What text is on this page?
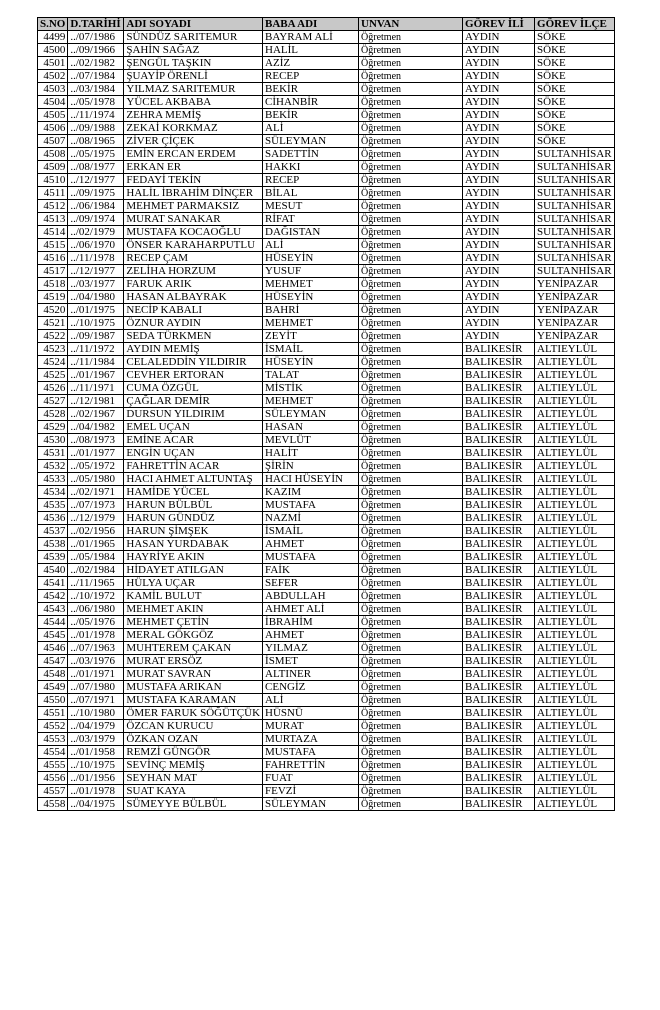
S.NO	D.TARİHİ	ADI SOYADI	BABA ADI	UNVAN	GÖREV İLİ	GÖREV İLÇE
4499	../07/1986	SÜNDÜZ SARITEMUR	BAYRAM ALİ	Öğretmen	AYDIN	SÖKE
4500	../09/1966	ŞAHİN SAĞAZ	HALİL	Öğretmen	AYDIN	SÖKE
4501	../02/1982	ŞENGÜL TAŞKIN	AZİZ	Öğretmen	AYDIN	SÖKE
4502	../07/1984	ŞUAYİP ÖRENLİ	RECEP	Öğretmen	AYDIN	SÖKE
4503	../03/1984	YILMAZ SARITEMUR	BEKİR	Öğretmen	AYDIN	SÖKE
4504	../05/1978	YÜCEL AKBABA	CİHANBİR	Öğretmen	AYDIN	SÖKE
4505	../11/1974	ZEHRA MEMİŞ	BEKİR	Öğretmen	AYDIN	SÖKE
4506	../09/1988	ZEKAİ KORKMAZ	ALİ	Öğretmen	AYDIN	SÖKE
4507	../08/1965	ZİVER ÇİÇEK	SÜLEYMAN	Öğretmen	AYDIN	SÖKE
4508	../05/1975	EMİN ERCAN ERDEM	SADETTİN	Öğretmen	AYDIN	SULTANHİSAR
4509	../08/1977	ERKAN ER	HAKKI	Öğretmen	AYDIN	SULTANHİSAR
4510	../12/1977	FEDAYİ TEKİN	RECEP	Öğretmen	AYDIN	SULTANHİSAR
4511	../09/1975	HALİL İBRAHİM DİNÇER	BİLAL	Öğretmen	AYDIN	SULTANHİSAR
4512	../06/1984	MEHMET PARMAKSIZ	MESUT	Öğretmen	AYDIN	SULTANHİSAR
4513	../09/1974	MURAT SANAKAR	RİFAT	Öğretmen	AYDIN	SULTANHİSAR
4514	../02/1979	MUSTAFA KOCAOĞLU	DAĞISTAN	Öğretmen	AYDIN	SULTANHİSAR
4515	../06/1970	ÖNSER KARAHARPUTLU	ALİ	Öğretmen	AYDIN	SULTANHİSAR
4516	../11/1978	RECEP ÇAM	HÜSEYİN	Öğretmen	AYDIN	SULTANHİSAR
4517	../12/1977	ZELİHA HORZUM	YUSUF	Öğretmen	AYDIN	SULTANHİSAR
4518	../03/1977	FARUK ARIK	MEHMET	Öğretmen	AYDIN	YENİPAZAR
4519	../04/1980	HASAN ALBAYRAK	HÜSEYİN	Öğretmen	AYDIN	YENİPAZAR
4520	../01/1975	NECİP KABALI	BAHRİ	Öğretmen	AYDIN	YENİPAZAR
4521	../10/1975	ÖZNUR AYDIN	MEHMET	Öğretmen	AYDIN	YENİPAZAR
4522	../09/1987	SEDA TÜRKMEN	ZEYİT	Öğretmen	AYDIN	YENİPAZAR
4523	../11/1972	AYDIN MEMİŞ	İSMAİL	Öğretmen	BALIKESİR	ALTIEYLÜL
4524	../11/1984	CELALEDDİN YILDIRIR	HÜSEYİN	Öğretmen	BALIKESİR	ALTIEYLÜL
4525	../01/1967	CEVHER ERTORAN	TALAT	Öğretmen	BALIKESİR	ALTIEYLÜL
4526	../11/1971	CUMA ÖZGÜL	MİSTİK	Öğretmen	BALIKESİR	ALTIEYLÜL
4527	../12/1981	ÇAĞLAR DEMİR	MEHMET	Öğretmen	BALIKESİR	ALTIEYLÜL
4528	../02/1967	DURSUN YILDIRIM	SÜLEYMAN	Öğretmen	BALIKESİR	ALTIEYLÜL
4529	../04/1982	EMEL UÇAN	HASAN	Öğretmen	BALIKESİR	ALTIEYLÜL
4530	../08/1973	EMİNE ACAR	MEVLÜT	Öğretmen	BALIKESİR	ALTIEYLÜL
4531	../01/1977	ENGİN UÇAN	HALİT	Öğretmen	BALIKESİR	ALTIEYLÜL
4532	../05/1972	FAHRETTİN ACAR	ŞİRİN	Öğretmen	BALIKESİR	ALTIEYLÜL
4533	../05/1980	HACI AHMET ALTUNTAŞ	HACI HÜSEYİN	Öğretmen	BALIKESİR	ALTIEYLÜL
4534	../02/1971	HAMİDE YÜCEL	KAZIM	Öğretmen	BALIKESİR	ALTIEYLÜL
4535	../07/1973	HARUN BÜLBÜL	MUSTAFA	Öğretmen	BALIKESİR	ALTIEYLÜL
4536	../12/1979	HARUN GÜNDÜZ	NAZMİ	Öğretmen	BALIKESİR	ALTIEYLÜL
4537	../02/1956	HARUN ŞİMŞEK	İSMAİL	Öğretmen	BALIKESİR	ALTIEYLÜL
4538	../01/1965	HASAN YURDABAK	AHMET	Öğretmen	BALIKESİR	ALTIEYLÜL
4539	../05/1984	HAYRİYE AKIN	MUSTAFA	Öğretmen	BALIKESİR	ALTIEYLÜL
4540	../02/1984	HİDAYET ATILGAN	FAİK	Öğretmen	BALIKESİR	ALTIEYLÜL
4541	../11/1965	HÜLYA UÇAR	SEFER	Öğretmen	BALIKESİR	ALTIEYLÜL
4542	../10/1972	KAMİL BULUT	ABDULLAH	Öğretmen	BALIKESİR	ALTIEYLÜL
4543	../06/1980	MEHMET AKIN	AHMET ALİ	Öğretmen	BALIKESİR	ALTIEYLÜL
4544	../05/1976	MEHMET ÇETİN	İBRAHİM	Öğretmen	BALIKESİR	ALTIEYLÜL
4545	../01/1978	MERAL GÖKGÖZ	AHMET	Öğretmen	BALIKESİR	ALTIEYLÜL
4546	../07/1963	MUHTEREM ÇAKAN	YILMAZ	Öğretmen	BALIKESİR	ALTIEYLÜL
4547	../03/1976	MURAT ERSÖZ	İSMET	Öğretmen	BALIKESİR	ALTIEYLÜL
4548	../01/1971	MURAT SAVRAN	ALTINER	Öğretmen	BALIKESİR	ALTIEYLÜL
4549	../07/1980	MUSTAFA ARIKAN	CENGİZ	Öğretmen	BALIKESİR	ALTIEYLÜL
4550	../07/1971	MUSTAFA KARAMAN	ALİ	Öğretmen	BALIKESİR	ALTIEYLÜL
4551	../10/1980	ÖMER FARUK SÖĞÜTÇÜK	HÜSNÜ	Öğretmen	BALIKESİR	ALTIEYLÜL
4552	../04/1979	ÖZCAN KURUCU	MURAT	Öğretmen	BALIKESİR	ALTIEYLÜL
4553	../03/1979	ÖZKAN OZAN	MURTAZA	Öğretmen	BALIKESİR	ALTIEYLÜL
4554	../01/1958	REMZİ GÜNGÖR	MUSTAFA	Öğretmen	BALIKESİR	ALTIEYLÜL
4555	../10/1975	SEVİNÇ MEMİŞ	FAHRETTİN	Öğretmen	BALIKESİR	ALTIEYLÜL
4556	../01/1956	SEYHAN MAT	FUAT	Öğretmen	BALIKESİR	ALTIEYLÜL
4557	../01/1978	SUAT KAYA	FEVZİ	Öğretmen	BALIKESİR	ALTIEYLÜL
4558	../04/1975	SÜMEYYE BÜLBÜL	SÜLEYMAN	Öğretmen	BALIKESİR	ALTIEYLÜL
